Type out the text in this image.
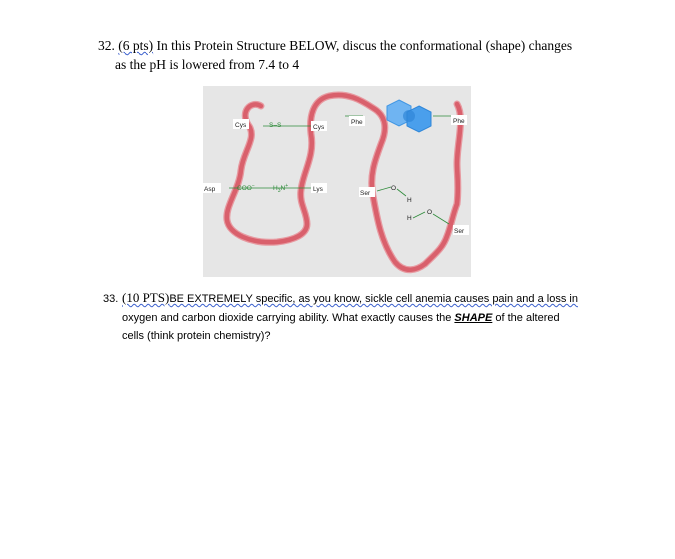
32. (6 pts) In this Protein Structure BELOW, discus the conformational (shape) changes
as the pH is lowered from 7.4 to 4
Cys	S–S	Cys
Phe	Phe
Asp	COO−	$H_3N^+$	Lys
Ser
Ser
O
H
H
O
33. (10 PTS)BE EXTREMELY specific, as you know, sickle cell anemia causes pain and a loss in
oxygen and carbon dioxide carrying ability. What exactly causes the SHAPE of the altered
cells (think protein chemistry)?
